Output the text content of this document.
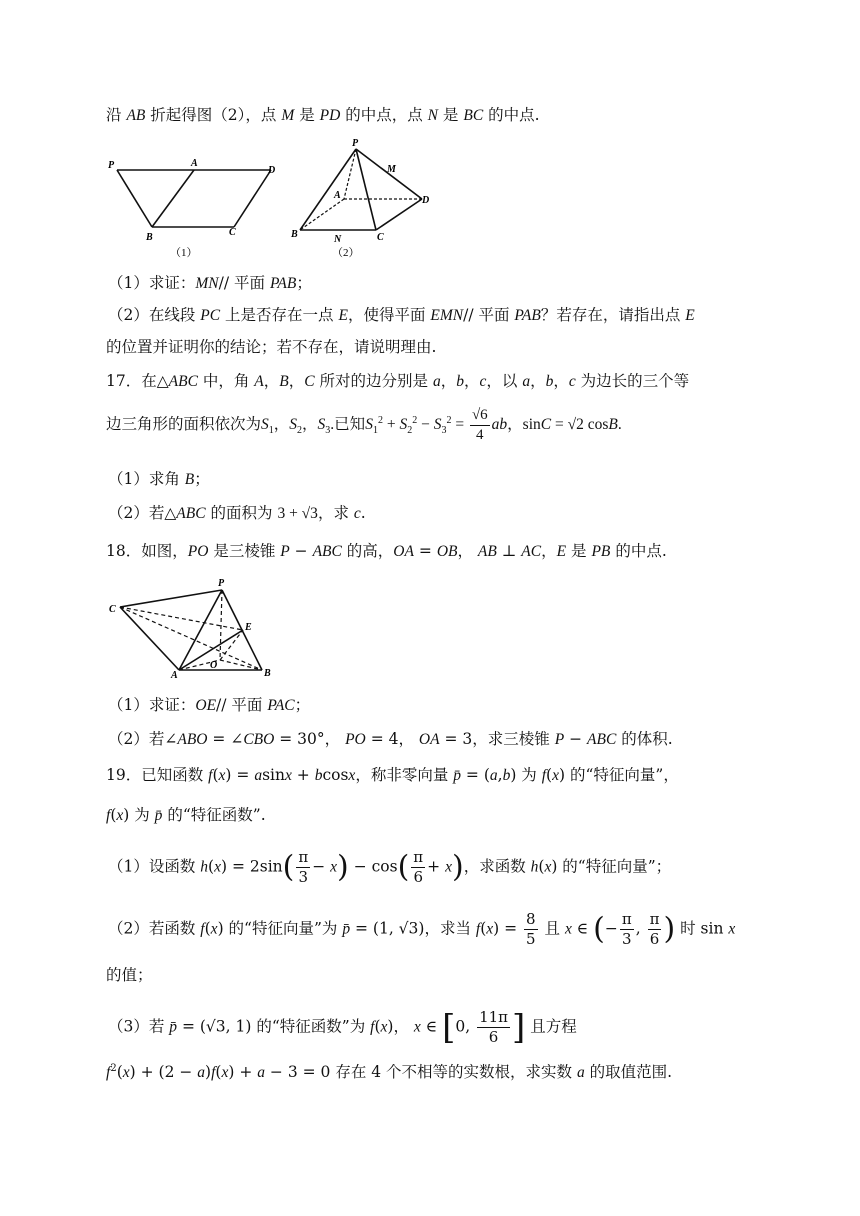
沿 AB 折起得图（2），点 M 是 PD 的中点，点 N 是 BC 的中点.
P	A
D
B	C
（1）
P
M
A	D
B	N	C
（2）
（1）求证：MN// 平面 PAB；
（2）在线段 PC 上是否存在一点 E，使得平面 EMN// 平面 PAB？若存在，请指出点 E
的位置并证明你的结论；若不存在，请说明理由.
17．在△ABC 中，角 A，B，C 所对的边分别是 a，b，c，以 a，b，c 为边长的三个等
边三角形的面积依次为$S_1$，$S_2$，$S_3$.已知$S_1^2 + S_2^2 - S_3^2 = \frac{√6}{4}$ ab，sinC = √2 cosB.
（1）求角 B；
（2）若△ABC 的面积为 3 + √3，求 c.
18．如图，PO 是三棱锥 P − ABC 的高，OA = OB， AB ⊥ AC，E 是 PB 的中点.
P
C
E
O
A	B
（1）求证：OE// 平面 PAC；
（2）若∠ABO = ∠CBO = 30°， PO = 4， OA = 3，求三棱锥 P − ABC 的体积.
19．已知函数 f(x) = asinx + bcosx，称非零向量 p̄ = (a,b) 为 f(x) 的“特征向量”，
f(x) 为 p̄ 的“特征函数”.
（1）设函数 $h(x) = 2\sin( \frac{\pi}{3} - x) - \cos( \frac{\pi}{6} + x)$，求函数 h(x) 的“特征向量”；
（2）若函数 f(x) 的“特征向量”为 p̄ = (1, √3)，求当 $f(x) = \frac{8}{5}$ 且 x ∈ (− $\frac{\pi}{3}$ , $\frac{\pi}{6}$ ) 时 sin x
的值；
（3）若 p̄ = (√3, 1) 的“特征函数”为 f(x)， x ∈ [0, $\frac{11\pi}{6}$ ] 且方程
$f^2(x) + (2 - a)f(x) + a - 3 = 0$ 存在 4 个不相等的实数根，求实数 a 的取值范围.
